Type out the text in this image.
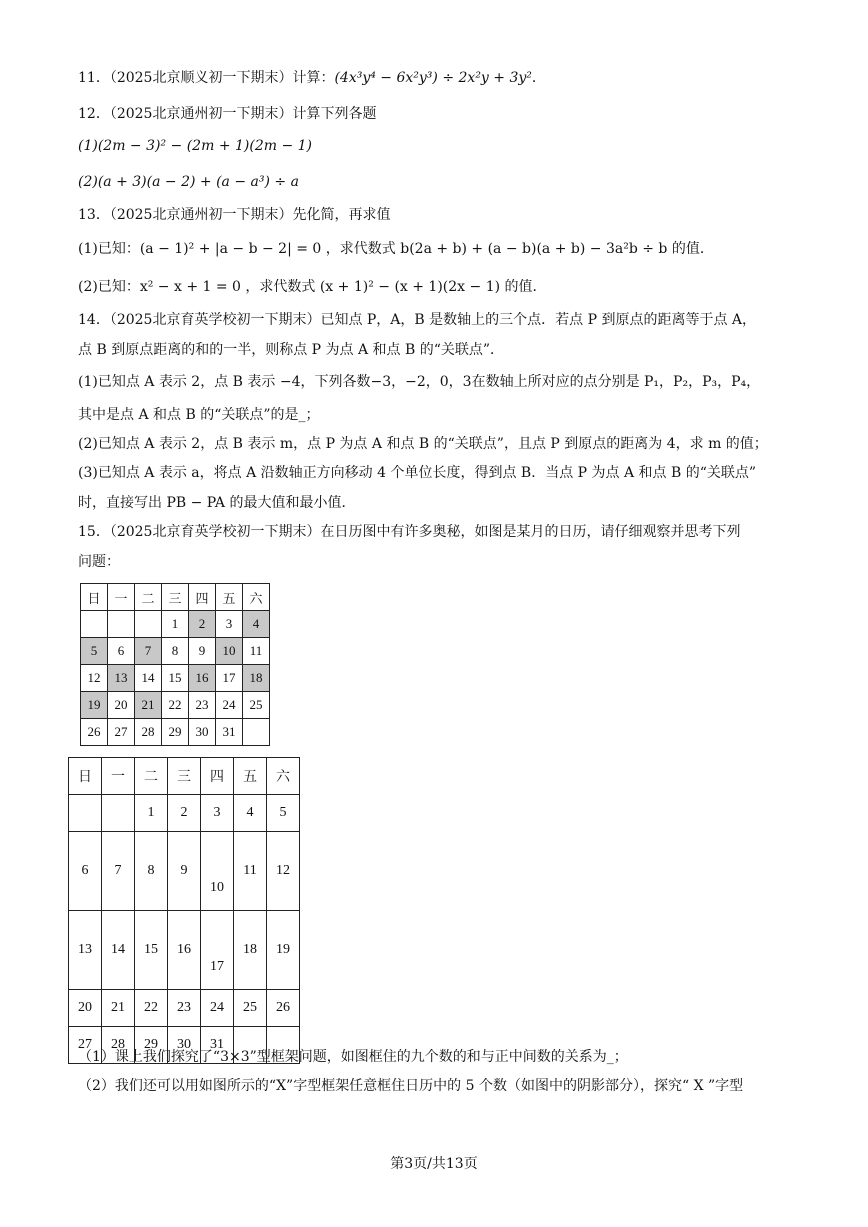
11．（2025北京顺义初一下期末）计算：(4x³y⁴ − 6x²y³) ÷ 2x²y + 3y²．
12．（2025北京通州初一下期末）计算下列各题
(1)(2m − 3)² − (2m + 1)(2m − 1)
(2)(a + 3)(a − 2) + (a − a³) ÷ a
13．（2025北京通州初一下期末）先化简，再求值
(1)已知：(a − 1)² + |a − b − 2| = 0 ，求代数式 b(2a + b) + (a − b)(a + b) − 3a²b ÷ b 的值．
(2)已知：x² − x + 1 = 0 ，求代数式 (x + 1)² − (x + 1)(2x − 1) 的值．
14．（2025北京育英学校初一下期末）已知点 P，A，B 是数轴上的三个点．若点 P 到原点的距离等于点 A，
点 B 到原点距离的和的一半，则称点 P 为点 A 和点 B 的“关联点”．
(1)已知点 A 表示 2，点 B 表示 −4，下列各数−3，−2，0，3在数轴上所对应的点分别是 P₁，P₂，P₃，P₄，
其中是点 A 和点 B 的“关联点”的是_；
(2)已知点 A 表示 2，点 B 表示 m，点 P 为点 A 和点 B 的“关联点”，且点 P 到原点的距离为 4，求 m 的值；
(3)已知点 A 表示 a，将点 A 沿数轴正方向移动 4 个单位长度，得到点 B．当点 P 为点 A 和点 B 的“关联点”
时，直接写出 PB − PA 的最大值和最小值．
15．（2025北京育英学校初一下期末）在日历图中有许多奥秘，如图是某月的日历，请仔细观察并思考下列
问题：
日	一	二	三	四	五	六
			1	2	3	4
5	6	7	8	9	10	11
12	13	14	15	16	17	18
19	20	21	22	23	24	25
26	27	28	29	30	31	
日	一	二	三	四	五	六
		1	2	3	4	5
6	7	8	9	10	11	12
13	14	15	16	17	18	19
20	21	22	23	24	25	26
27	28	29	30	31		
（1）课上我们探究了“3×3”型框架问题，如图框住的九个数的和与正中间数的关系为_；
（2）我们还可以用如图所示的“X”字型框架任意框住日历中的 5 个数（如图中的阴影部分），探究“ X ”字型
第3页/共13页
